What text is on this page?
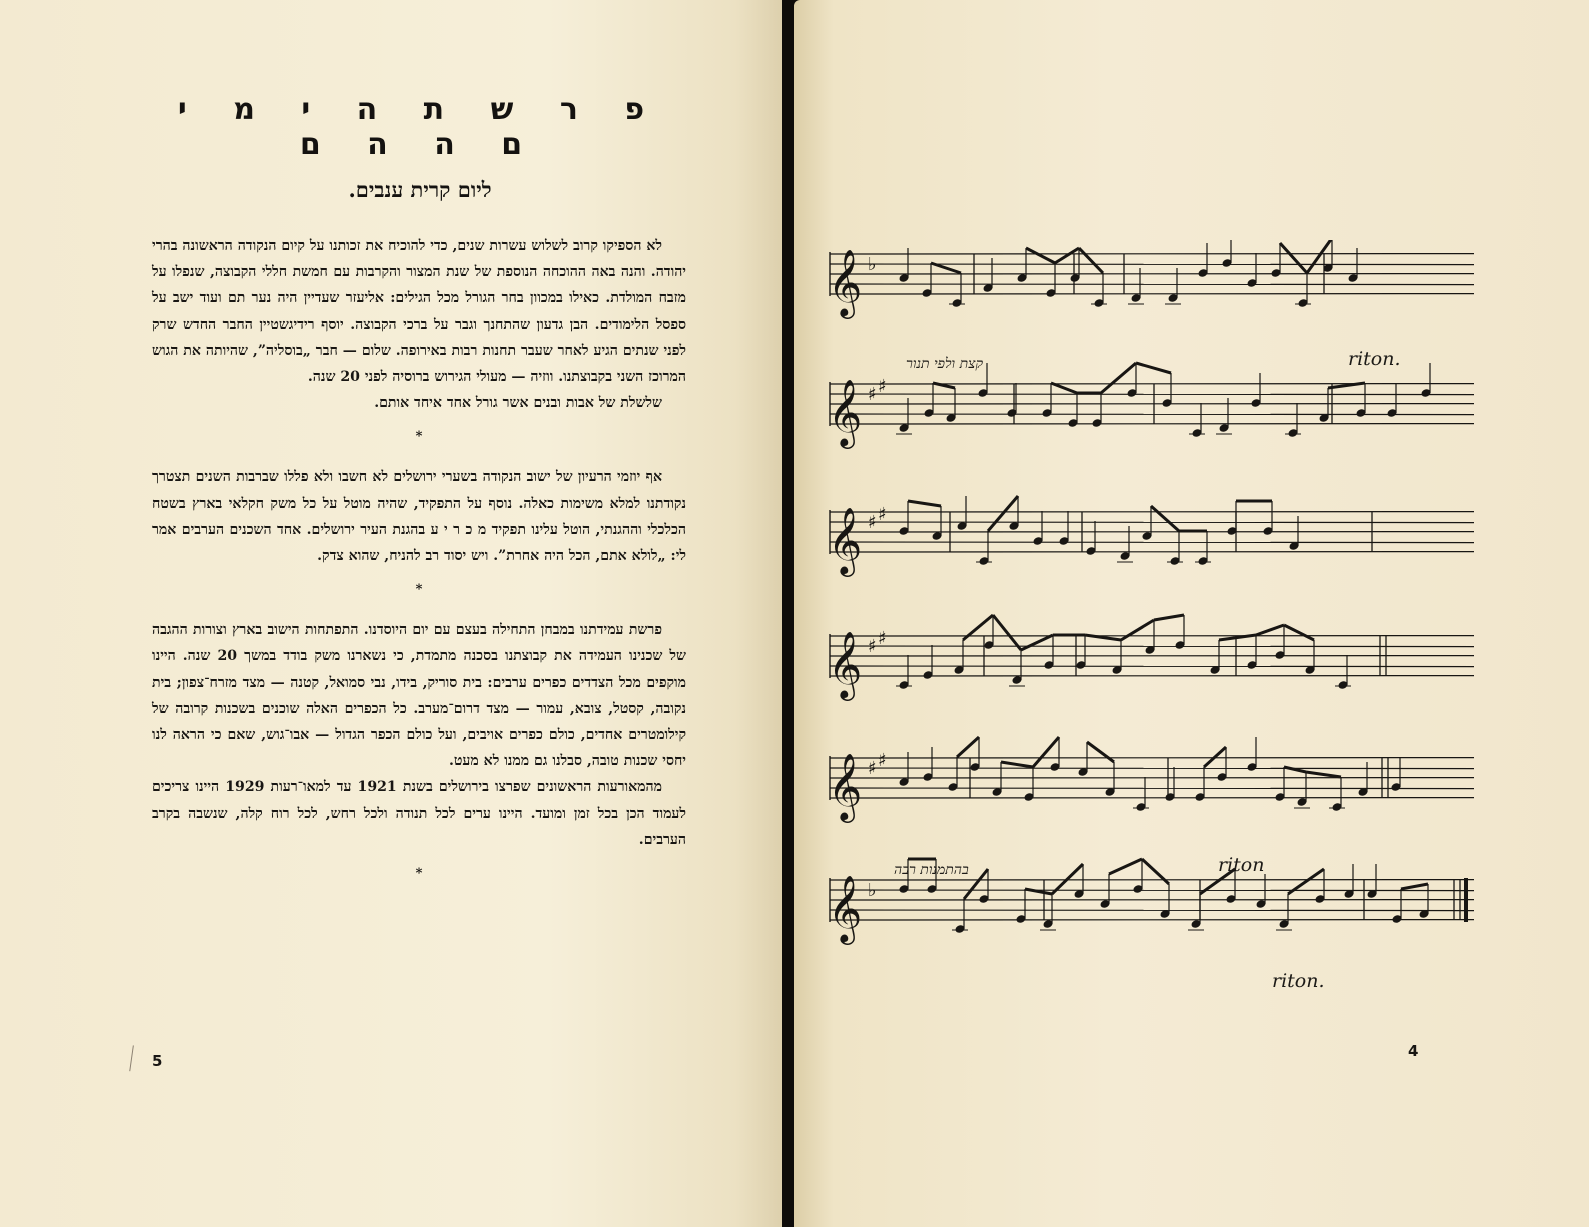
פ ר ש ת ה י מ י ם ה ה ם
ליום קרית ענבים.

לא הספיקו קרוב לשלוש עשרות שנים, כדי להוכיח את זכותנו על קיום הנקודה הראשונה בהרי יהודה. והנה באה ההוכחה הנוספת של שנת המצור והקרבות עם חמשת חללי הקבוצה, שנפלו על מזבח המולדת. כאילו במכוון בחר הגורל מכל הגילים: אליעזר שעדיין היה נער תם ועוד ישב על ספסל הלימודים. הבן גדעון שהתחנך וגבר על ברכי הקבוצה. יוסף רידיגשטיין החבר החדש שרק לפני שנתים הגיע לאחר שעבר תחנות רבות באירופה. שלום — חבר „בוסליה”, שהיותה את הגוש המרוכז השני בקבוצתנו. ווזיה — מעולי הגירוש ברוסיה לפני 20 שנה.

שלשלת של אבות ובנים אשר גורל אחד איחד אותם.

*

אף יוזמי הרעיון של ישוב הנקודה בשערי ירושלים לא חשבו ולא פללו שברבות השנים תצטרך נקודתנו למלא משימות כאלה. נוסף על התפקיד, שהיה מוטל על כל משק חקלאי בארץ בשטח הכלכלי וההגנתי, הוטל עלינו תפקיד מ כ ר י ע בהגנת העיר ירושלים. אחד השכנים הערבים אמר לי: „לולא אתם, הכל היה אחרת”. ויש יסוד רב להניח, שהוא צדק.

*

פרשת עמידתנו במבחן התחילה בעצם עם יום היוסדנו. התפתחות הישוב בארץ וצורות ההגבה של שכנינו העמידה את קבוצתנו בסכנה מתמדת, כי נשארנו משק בודד במשך 20 שנה. היינו מוקפים מכל הצדדים כפרים ערבים: בית סוריק, בידו, נבי סמואל, קטנה — מצד מזרח־צפון; בית נקובה, קסטל, צובא, עמור — מצד דרום־מערב. כל הכפרים האלה שוכנים בשכנות קרובה של קילומטרים אחדים, כולם כפרים אויבים, ועל כולם הכפר הגדול — אבו־גוש, שאם כי הראה לנו יחסי שכנות טובה, סבלנו גם ממנו לא מעט.

מהמאורעות הראשונים שפרצו בירושלים בשנת 1921 עד למאו־רעות 1929 היינו צריכים לעמוד הכן בכל זמן ומועד. היינו ערים לכל תנודה ולכל רחש, לכל רוח קלה, שנשבה בקרב הערבים.

*
5
𝄞 ♭
𝄞 ♯ ♯
𝄞 ♯ ♯
𝄞 ♯ ♯
𝄞 ♯ ♯
𝄞 ♭
קצת ולפי תנור	riton.
riton
בהתמנות רבה
riton.
4
